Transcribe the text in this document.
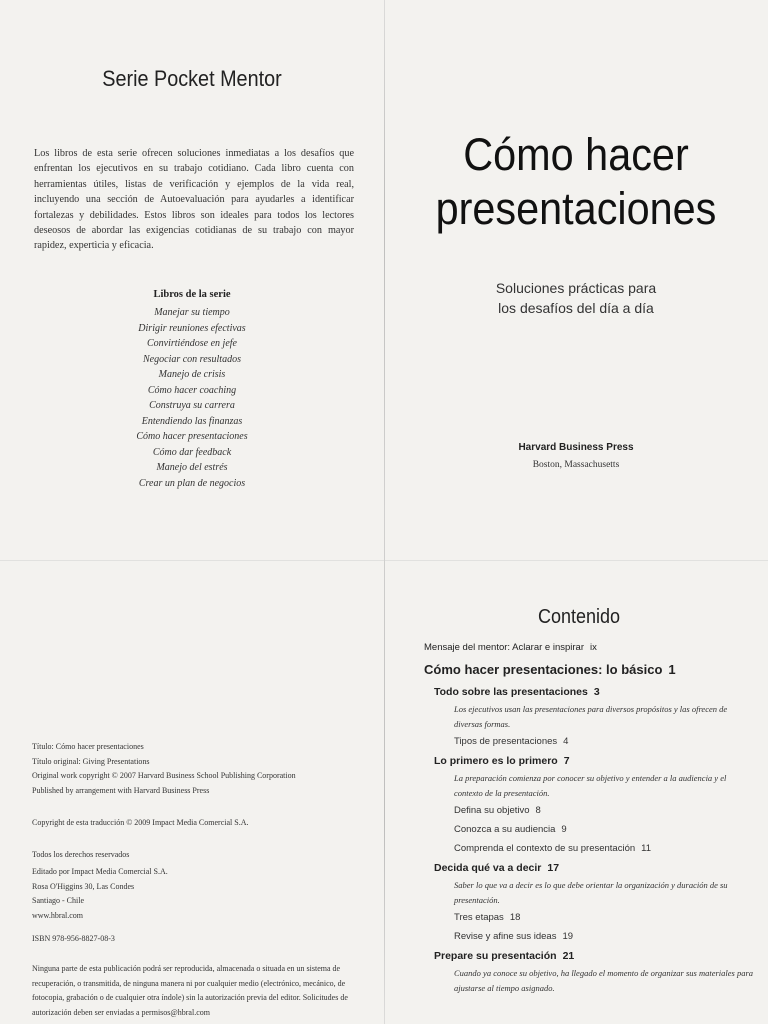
Serie Pocket Mentor

Los libros de esta serie ofrecen soluciones inmediatas a los desafíos que enfrentan los ejecutivos en su trabajo cotidiano. Cada libro cuenta con herramientas útiles, listas de verificación y ejemplos de la vida real, incluyendo una sección de Autoevaluación para ayudarles a identificar fortalezas y debilidades. Estos libros son ideales para todos los lectores deseosos de abordar las exigencias cotidianas de su trabajo con mayor rapidez, expertìcia y eficacia.

Libros de la serie
Manejar su tiempo
Dirigir reuniones efectivas
Convirtiéndose en jefe
Negociar con resultados
Manejo de crisis
Cómo hacer coaching
Construya su carrera
Entendiendo las finanzas
Cómo hacer presentaciones
Cómo dar feedback
Manejo del estrés
Crear un plan de negocios
Cómo hacer
presentaciones
Soluciones prácticas para
los desafíos del día a día
Harvard Business Press
Boston, Massachusetts
Título: Cómo hacer presentaciones
Título original: Giving Presentations
Original work copyright © 2007 Harvard Business School Publishing Corporation
Published by arrangement with Harvard Business Press
Copyright de esta traducción © 2009 Impact Media Comercial S.A.
Todos los derechos reservados
Editado por Impact Media Comercial S.A.
Rosa O'Higgins 30, Las Condes
Santiago - Chile
www.hbral.com
ISBN 978-956-8827-08-3

Ninguna parte de esta publicación podrá ser reproducida, almacenada o situada en un sistema de recuperación, o transmitida, de ninguna manera ni por cualquier medio (electrónico, mecánico, de fotocopia, grabación o de cualquier otra índole) sin la autorización previa del editor. Solicitudes de autorización deben ser enviadas a permisos@hbral.com

Contenido
Mensaje del mentor: Aclarar e inspirar ix
Cómo hacer presentaciones: lo básico 1
Todo sobre las presentaciones 3
Los ejecutivos usan las presentaciones para diversos propósitos y las ofrecen de diversas formas.
Tipos de presentaciones 4
Lo primero es lo primero 7
La preparación comienza por conocer su objetivo y entender a la audiencia y el contexto de la presentación.
Defina su objetivo 8
Conozca a su audiencia 9
Comprenda el contexto de su presentación 11
Decida qué va a decir 17
Saber lo que va a decir es lo que debe orientar la organización y duración de su presentación.
Tres etapas 18
Revise y afine sus ideas 19
Prepare su presentación 21
Cuando ya conoce su objetivo, ha llegado el momento de organizar sus materiales para ajustarse al tiempo asignado.
